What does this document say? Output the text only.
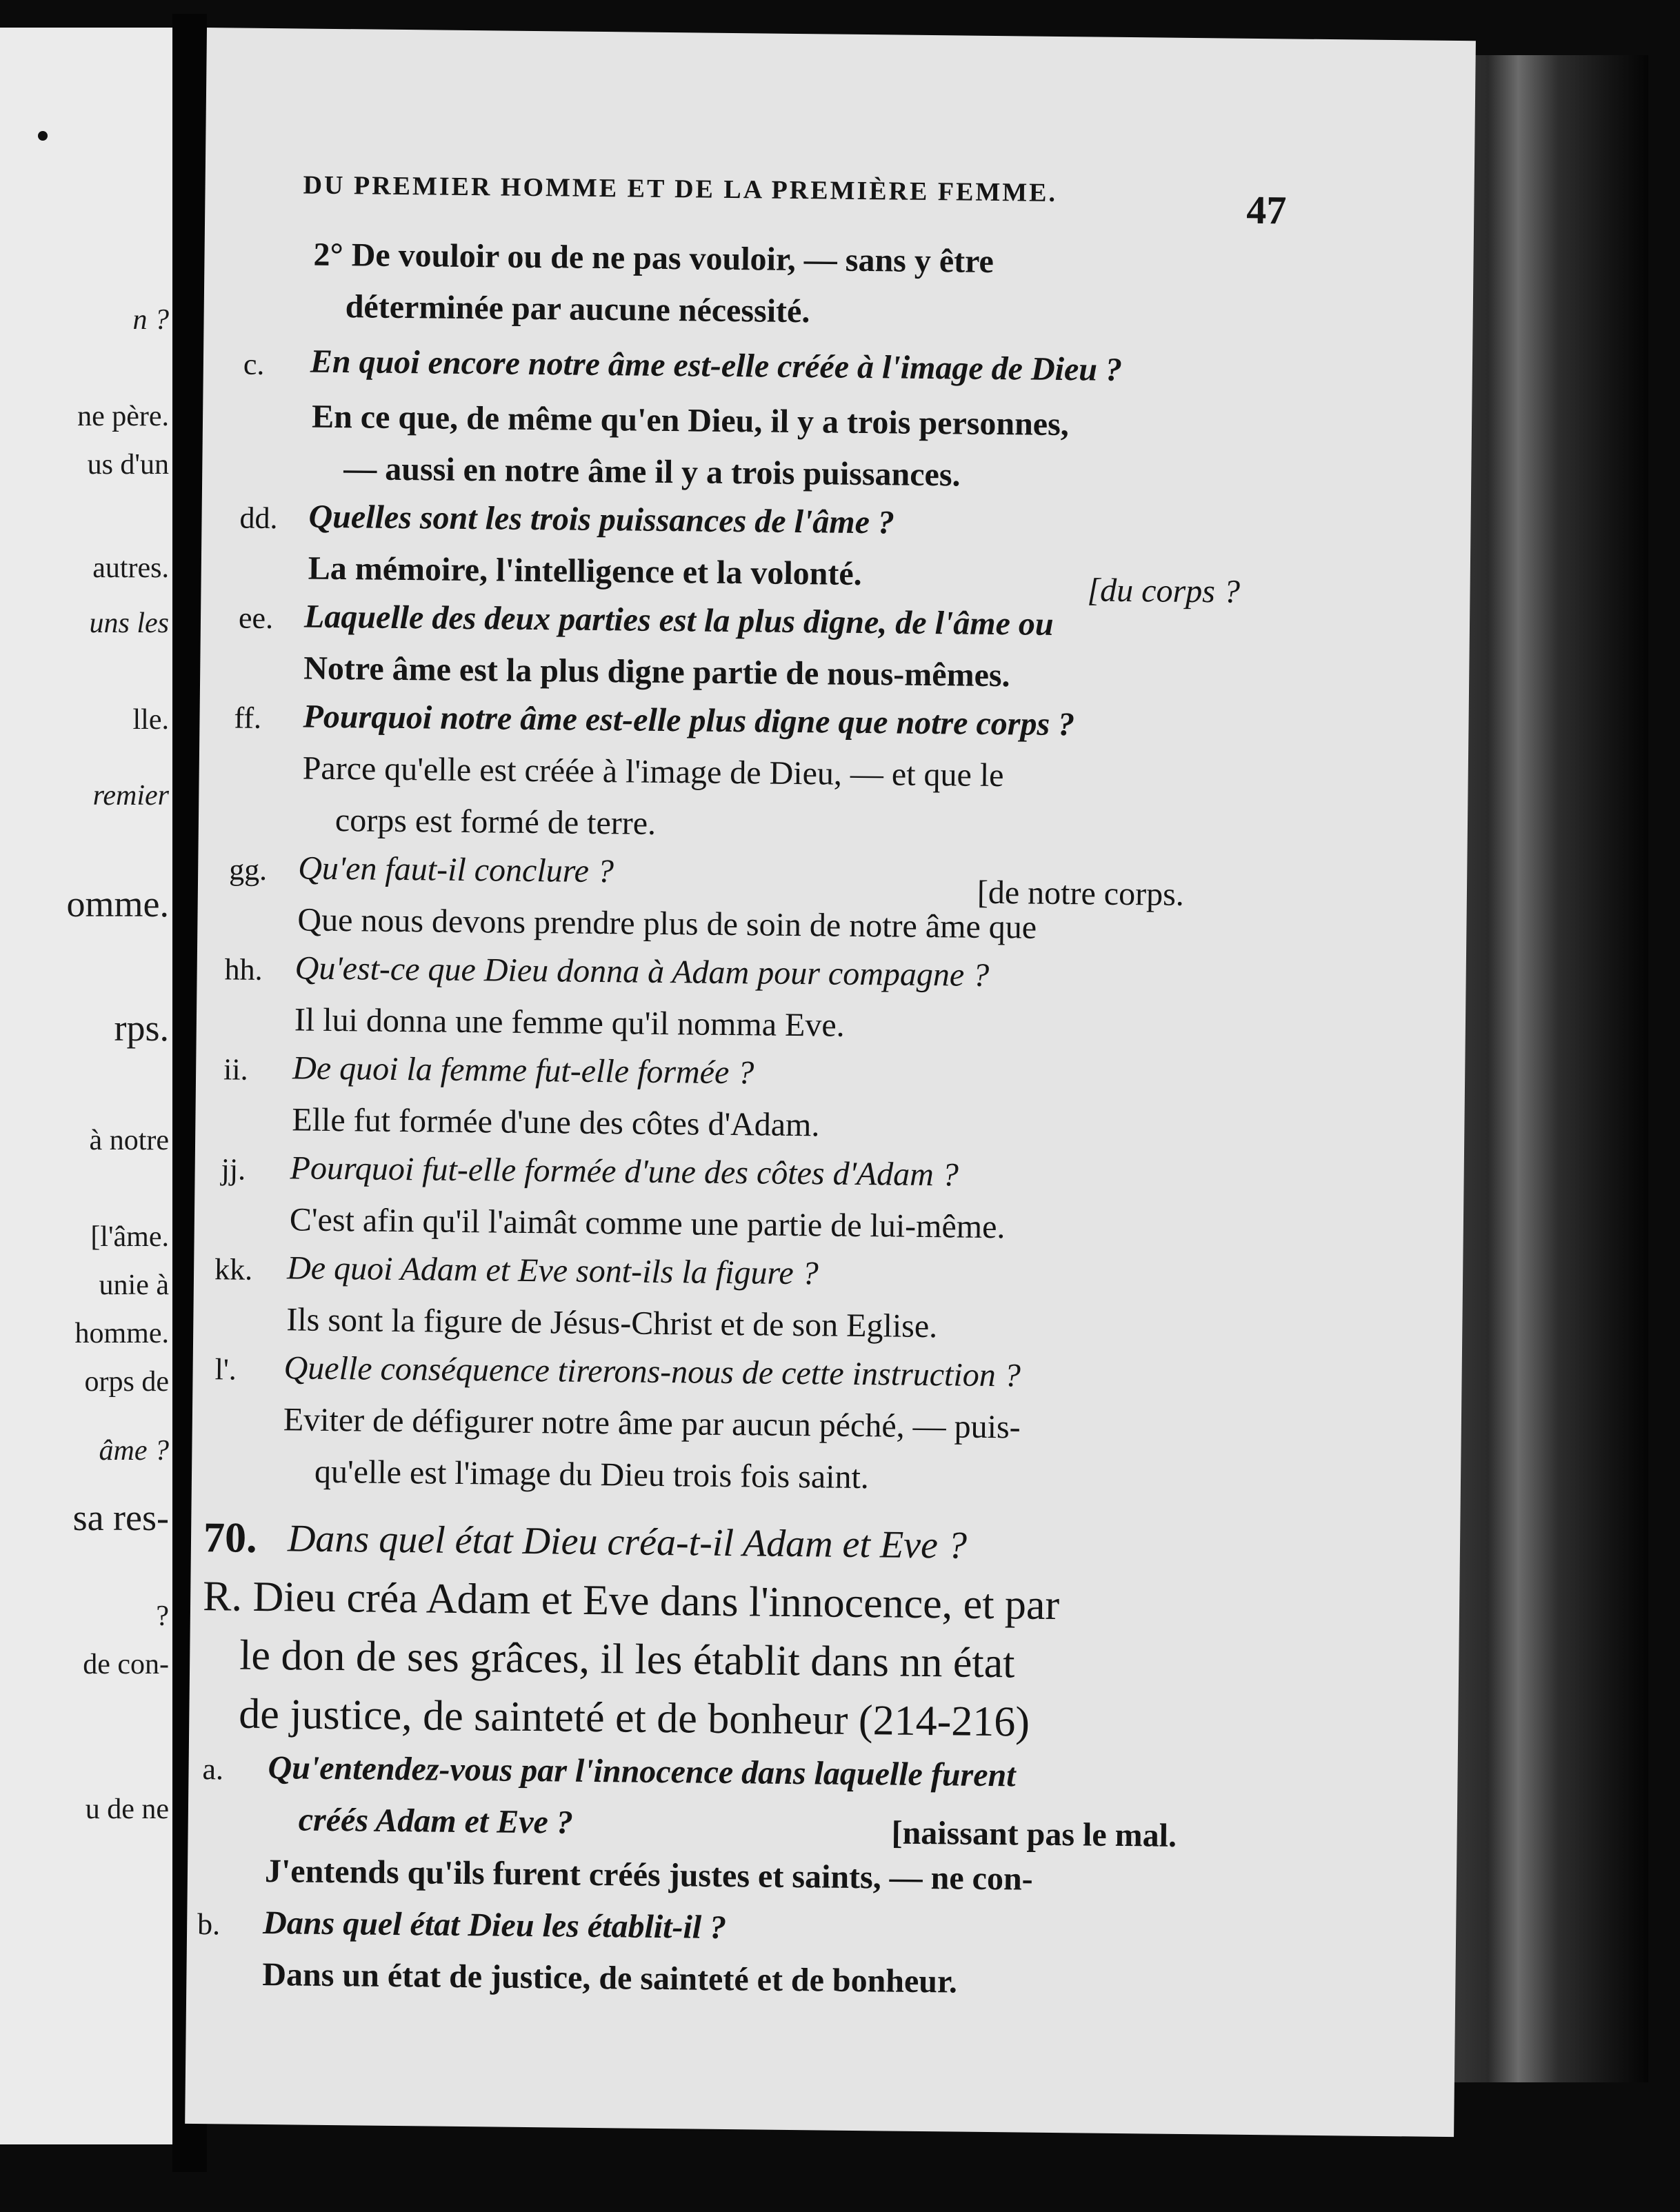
n ?
ne père.
us d'un
autres.
uns les
lle.
remier
omme.
rps.
à notre
[l'âme.
unie à
homme.
orps de
âme ?
sa res-
?
de con-
u de ne
DU PREMIER HOMME ET DE LA PREMIÈRE FEMME.	47
2° De vouloir ou de ne pas vouloir, — sans y être
déterminée par aucune nécessité.
c. En quoi encore notre âme est-elle créée à l'image de Dieu ?
En ce que, de même qu'en Dieu, il y a trois personnes,
— aussi en notre âme il y a trois puissances.
dd. Quelles sont les trois puissances de l'âme ?
La mémoire, l'intelligence et la volonté.	[du corps ?
ee. Laquelle des deux parties est la plus digne, de l'âme ou
Notre âme est la plus digne partie de nous-mêmes.
ff. Pourquoi notre âme est-elle plus digne que notre corps ?
Parce qu'elle est créée à l'image de Dieu, — et que le
corps est formé de terre.
gg. Qu'en faut-il conclure ?
[de notre corps.
Que nous devons prendre plus de soin de notre âme que
hh. Qu'est-ce que Dieu donna à Adam pour compagne ?
Il lui donna une femme qu'il nomma Eve.
ii. De quoi la femme fut-elle formée ?
Elle fut formée d'une des côtes d'Adam.
jj. Pourquoi fut-elle formée d'une des côtes d'Adam ?
C'est afin qu'il l'aimât comme une partie de lui-même.
kk. De quoi Adam et Eve sont-ils la figure ?
Ils sont la figure de Jésus-Christ et de son Eglise.
l'. Quelle conséquence tirerons-nous de cette instruction ?
Eviter de défigurer notre âme par aucun péché, — puis-
qu'elle est l'image du Dieu trois fois saint.
70. Dans quel état Dieu créa-t-il Adam et Eve ?
R. Dieu créa Adam et Eve dans l'innocence, et par
le don de ses grâces, il les établit dans nn état
de justice, de sainteté et de bonheur (214-216)
a. Qu'entendez-vous par l'innocence dans laquelle furent
créés Adam et Eve ?	[naissant pas le mal.
J'entends qu'ils furent créés justes et saints, — ne con-
b. Dans quel état Dieu les établit-il ?
Dans un état de justice, de sainteté et de bonheur.
